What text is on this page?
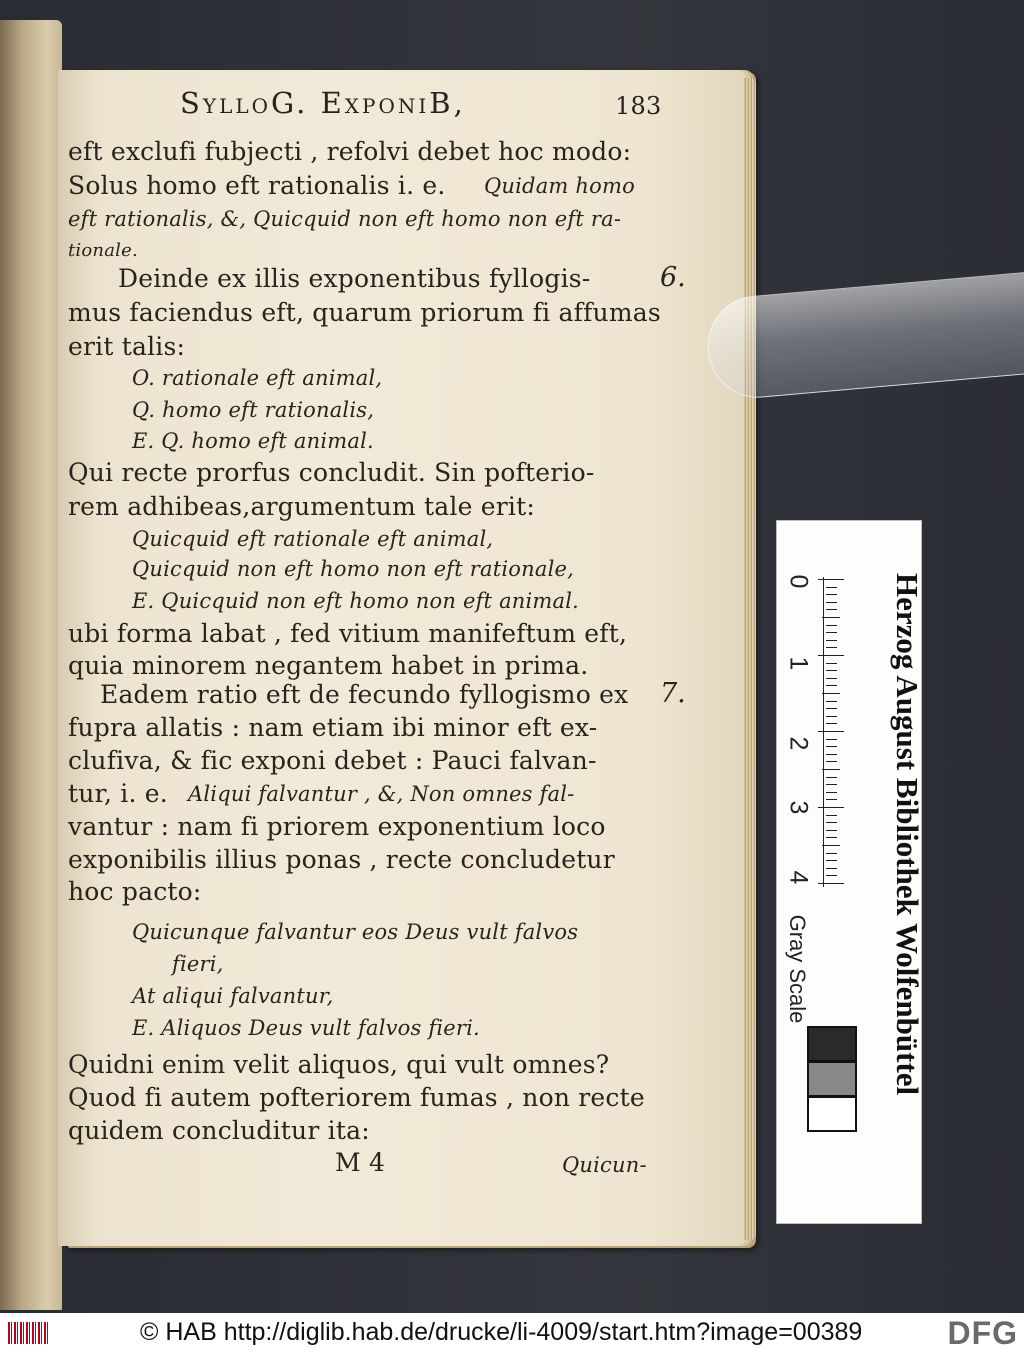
SylloG. ExponiB,	183
eft exclufi fubjecti , refolvi debet hoc modo:
Solus homo eft rationalis i. e.	Quidam homo
eft rationalis, &, Quicquid non eft homo non eft ra-
tionale.
Deinde ex illis exponentibus fyllogis-	6.
mus faciendus eft, quarum priorum fi affumas
erit talis:
O. rationale eft animal,
Q. homo eft rationalis,
E. Q. homo eft animal.
Qui recte prorfus concludit. Sin pofterio-
rem adhibeas,argumentum tale erit:
Quicquid eft rationale eft animal,
Quicquid non eft homo non eft rationale,
E. Quicquid non eft homo non eft animal.
ubi forma labat , fed vitium manifeftum eft,
quia minorem negantem habet in prima.
Eadem ratio eft de fecundo fyllogismo ex	7.
fupra allatis : nam etiam ibi minor eft ex-
clufiva, & fic exponi debet : Pauci falvan-
tur, i. e. Aliqui falvantur , &, Non omnes fal-
vantur : nam fi priorem exponentium loco
exponibilis illius ponas , recte concludetur
hoc pacto:
Quicunque falvantur eos Deus vult falvos
fieri,
At aliqui falvantur,
E. Aliquos Deus vult falvos fieri.
Quidni enim velit aliquos, qui vult omnes?
Quod fi autem pofteriorem fumas , non recte
quidem concluditur ita:
M 4	Quicun-
Herzog August Bibliothek Wolfenbüttel
0
1
2
3
4
Gray Scale
© HAB http://diglib.hab.de/drucke/li-4009/start.htm?image=00389	DFG
